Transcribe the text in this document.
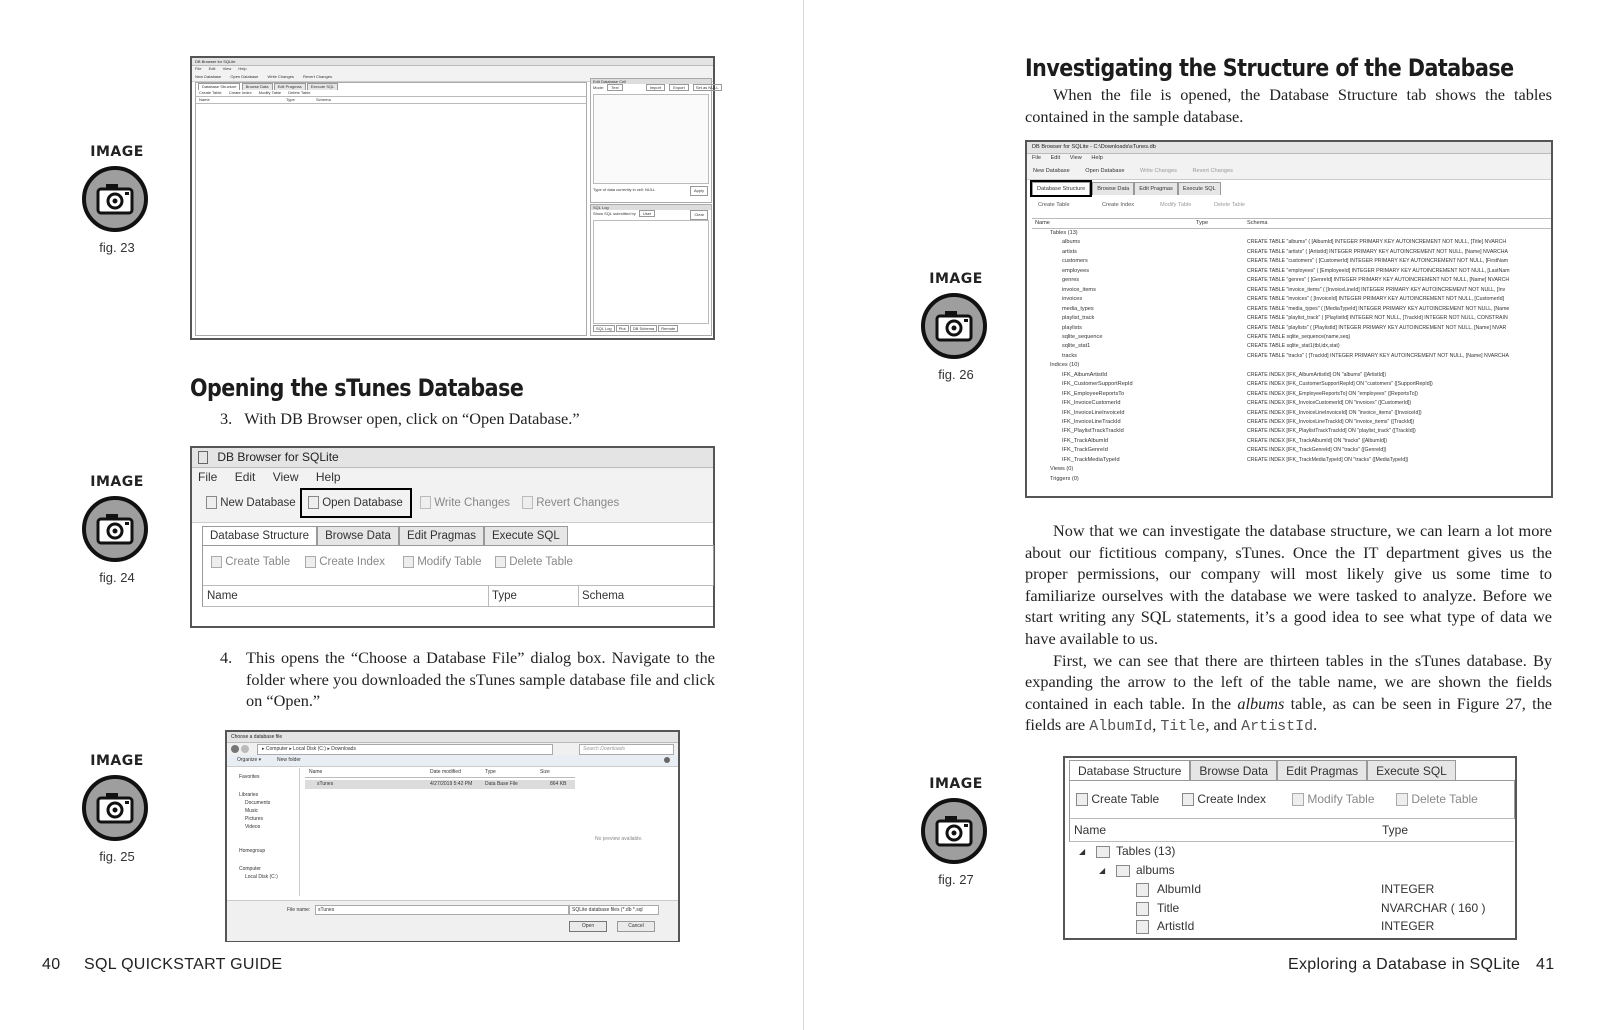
DB Browser for SQLite
File Edit View Help
New Database Open Database Write Changes Revert Changes
Database Structure Browse Data Edit Pragmas Execute SQL
Create Table Create Index Modify Table Delete Table
Name	Type	Schema
Edit Database Cell
Mode: Text	Import	Export	Set as NULL
Type of data currently in cell: NULL	Apply
SQL Log
Show SQL submitted by User	Clear
SQL Log Plot DB Schema Remote
IMAGE
fig. 23
Opening the sTunes Database
3. With DB Browser open, click on “Open Database.”
DB Browser for SQLite
File Edit View Help
New Database	Open Database	Write Changes	Revert Changes
Database Structure Browse Data Edit Pragmas Execute SQL
Create Table	Create Index	Modify Table	Delete Table
Name	Type	Schema
IMAGE
fig. 24
4. This opens the “Choose a Database File” dialog box. Navigate to the folder where you downloaded the sTunes sample database file and click on “Open.”
Choose a database file
▸ Computer ▸ Local Disk (C:) ▸ Downloads	Search Downloads
Organize ▾	New folder
Favorites
Libraries
Documents
Music
Pictures
Videos
Homegroup
Computer
Local Disk (C:)
Name	Date modified	Type	Size
sTunes	4/27/2019 5:42 PM	Data Base File	864 KB
No preview available.
File name:	sTunes	SQLite database files (*.db *.sql
Open	Cancel
IMAGE
fig. 25
40 SQL QUICKSTART GUIDE
Investigating the Structure of the Database

When the file is opened, the Database Structure tab shows the tables contained in the sample database.

DB Browser for SQLite - C:\Downloads\sTunes.db
File Edit View Help
New Database	Open Database	Write Changes	Revert Changes
Database Structure Browse Data Edit Pragmas Execute SQL
Create Table	Create Index	Modify Table	Delete Table
Name	Type	Schema
Tables (13)
albums	CREATE TABLE "albums" ( [AlbumId] INTEGER PRIMARY KEY AUTOINCREMENT NOT NULL, [Title] NVARCH
artists	CREATE TABLE "artists" ( [ArtistId] INTEGER PRIMARY KEY AUTOINCREMENT NOT NULL, [Name] NVARCHA
customers	CREATE TABLE "customers" ( [CustomerId] INTEGER PRIMARY KEY AUTOINCREMENT NOT NULL, [FirstNam
employees	CREATE TABLE "employees" ( [EmployeeId] INTEGER PRIMARY KEY AUTOINCREMENT NOT NULL, [LastNam
genres	CREATE TABLE "genres" ( [GenreId] INTEGER PRIMARY KEY AUTOINCREMENT NOT NULL, [Name] NVARCH
invoice_items	CREATE TABLE "invoice_items" ( [InvoiceLineId] INTEGER PRIMARY KEY AUTOINCREMENT NOT NULL, [Inv
invoices	CREATE TABLE "invoices" ( [InvoiceId] INTEGER PRIMARY KEY AUTOINCREMENT NOT NULL, [CustomerId]
media_types	CREATE TABLE "media_types" ( [MediaTypeId] INTEGER PRIMARY KEY AUTOINCREMENT NOT NULL, [Name
playlist_track	CREATE TABLE "playlist_track" ( [PlaylistId] INTEGER NOT NULL, [TrackId] INTEGER NOT NULL, CONSTRAIN
playlists	CREATE TABLE "playlists" ( [PlaylistId] INTEGER PRIMARY KEY AUTOINCREMENT NOT NULL, [Name] NVAR
sqlite_sequence	CREATE TABLE sqlite_sequence(name,seq)
sqlite_stat1	CREATE TABLE sqlite_stat1(tbl,idx,stat)
tracks	CREATE TABLE "tracks" ( [TrackId] INTEGER PRIMARY KEY AUTOINCREMENT NOT NULL, [Name] NVARCHA
Indices (10)
IFK_AlbumArtistId	CREATE INDEX [IFK_AlbumArtistId] ON "albums" ([ArtistId])
IFK_CustomerSupportRepId	CREATE INDEX [IFK_CustomerSupportRepId] ON "customers" ([SupportRepId])
IFK_EmployeeReportsTo	CREATE INDEX [IFK_EmployeeReportsTo] ON "employees" ([ReportsTo])
IFK_InvoiceCustomerId	CREATE INDEX [IFK_InvoiceCustomerId] ON "invoices" ([CustomerId])
IFK_InvoiceLineInvoiceId	CREATE INDEX [IFK_InvoiceLineInvoiceId] ON "invoice_items" ([InvoiceId])
IFK_InvoiceLineTrackId	CREATE INDEX [IFK_InvoiceLineTrackId] ON "invoice_items" ([TrackId])
IFK_PlaylistTrackTrackId	CREATE INDEX [IFK_PlaylistTrackTrackId] ON "playlist_track" ([TrackId])
IFK_TrackAlbumId	CREATE INDEX [IFK_TrackAlbumId] ON "tracks" ([AlbumId])
IFK_TrackGenreId	CREATE INDEX [IFK_TrackGenreId] ON "tracks" ([GenreId])
IFK_TrackMediaTypeId	CREATE INDEX [IFK_TrackMediaTypeId] ON "tracks" ([MediaTypeId])
Views (0)
Triggers (0)
IMAGE
fig. 26

Now that we can investigate the database structure, we can learn a lot more about our fictitious company, sTunes. Once the IT department gives us the proper permissions, our company will most likely give us some time to familiarize ourselves with the database we were tasked to analyze. Before we start writing any SQL statements, it’s a good idea to see what type of data we have available to us.

First, we can see that there are thirteen tables in the sTunes database. By expanding the arrow to the left of the table name, we are shown the fields contained in each table. In the albums table, as can be seen in Figure 27, the fields are AlbumId, Title, and ArtistId.

Database Structure Browse Data Edit Pragmas Execute SQL
Create Table	Create Index	Modify Table	Delete Table
Name	Type
◢	Tables (13)
◢	albums
AlbumId	INTEGER
Title	NVARCHAR ( 160 )
ArtistId	INTEGER
IMAGE
fig. 27
Exploring a Database in SQLite 41
